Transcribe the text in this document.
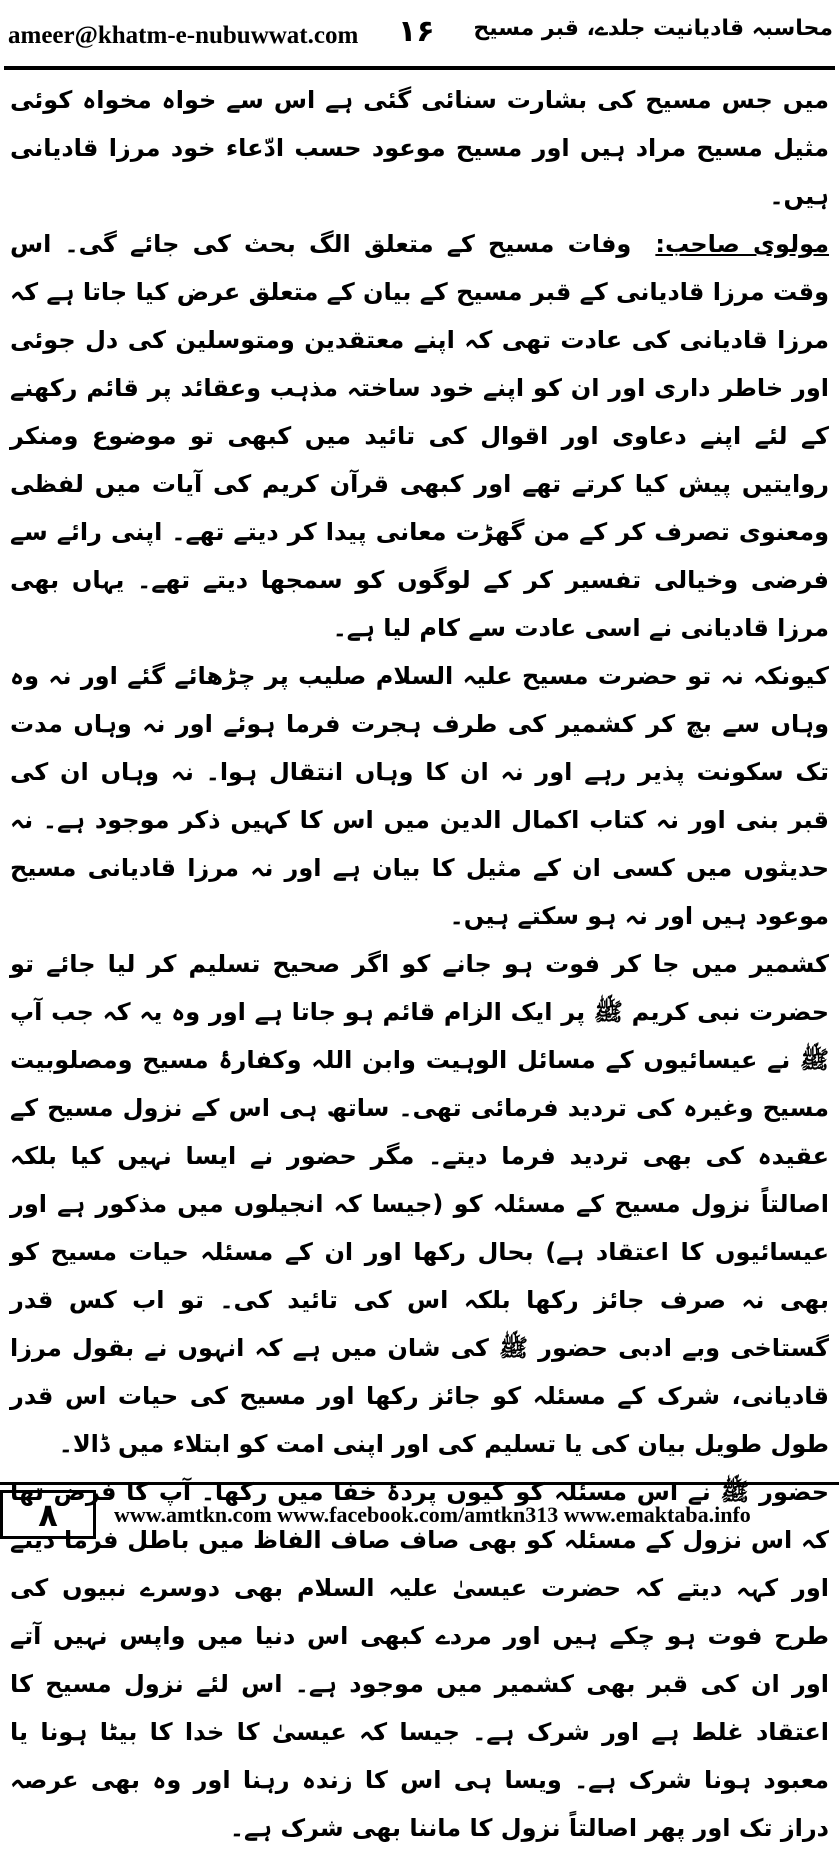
ameer@khatm-e-nubuwwat.com ۱۶ محاسبہ قادیانیت جلدے، قبر مسیح

میں جس مسیح کی بشارت سنائی گئی ہے اس سے خواہ مخواہ کوئی مثیل مسیح مراد ہیں اور مسیح موعود حسب ادّعاء خود مرزا قادیانی ہیں۔

مولوی صاحب:وفات مسیح کے متعلق الگ بحث کی جائے گی۔ اس وقت مرزا قادیانی کے قبر مسیح کے بیان کے متعلق عرض کیا جاتا ہے کہ مرزا قادیانی کی عادت تھی کہ اپنے معتقدین ومتوسلین کی دل جوئی اور خاطر داری اور ان کو اپنے خود ساختہ مذہب وعقائد پر قائم رکھنے کے لئے اپنے دعاوی اور اقوال کی تائید میں کبھی تو موضوع ومنکر روایتیں پیش کیا کرتے تھے اور کبھی قرآن کریم کی آیات میں لفظی ومعنوی تصرف کر کے من گھڑت معانی پیدا کر دیتے تھے۔ اپنی رائے سے فرضی وخیالی تفسیر کر کے لوگوں کو سمجھا دیتے تھے۔ یہاں بھی مرزا قادیانی نے اسی عادت سے کام لیا ہے۔

کیونکہ نہ تو حضرت مسیح علیہ السلام صلیب پر چڑھائے گئے اور نہ وہ وہاں سے بچ کر کشمیر کی طرف ہجرت فرما ہوئے اور نہ وہاں مدت تک سکونت پذیر رہے اور نہ ان کا وہاں انتقال ہوا۔ نہ وہاں ان کی قبر بنی اور نہ کتاب اکمال الدین میں اس کا کہیں ذکر موجود ہے۔ نہ حدیثوں میں کسی ان کے مثیل کا بیان ہے اور نہ مرزا قادیانی مسیح موعود ہیں اور نہ ہو سکتے ہیں۔

کشمیر میں جا کر فوت ہو جانے کو اگر صحیح تسلیم کر لیا جائے تو حضرت نبی کریم ﷺ پر ایک الزام قائم ہو جاتا ہے اور وہ یہ کہ جب آپ ﷺ نے عیسائیوں کے مسائل الوہیت وابن اللہ وکفارۂ مسیح ومصلوبیت مسیح وغیرہ کی تردید فرمائی تھی۔ ساتھ ہی اس کے نزول مسیح کے عقیدہ کی بھی تردید فرما دیتے۔ مگر حضور نے ایسا نہیں کیا بلکہ اصالتاً نزول مسیح کے مسئلہ کو (جیسا کہ انجیلوں میں مذکور ہے اور عیسائیوں کا اعتقاد ہے) بحال رکھا اور ان کے مسئلہ حیات مسیح کو بھی نہ صرف جائز رکھا بلکہ اس کی تائید کی۔ تو اب کس قدر گستاخی وبے ادبی حضور ﷺ کی شان میں ہے کہ انہوں نے بقول مرزا قادیانی، شرک کے مسئلہ کو جائز رکھا اور مسیح کی حیات اس قدر طول طویل بیان کی یا تسلیم کی اور اپنی امت کو ابتلاء میں ڈالا۔

حضور ﷺ نے اس مسئلہ کو کیوں پردۂ خفا میں رکھا۔ آپ کا فرض تھا کہ اس نزول کے مسئلہ کو بھی صاف صاف الفاظ میں باطل فرما دیتے اور کہہ دیتے کہ حضرت عیسیٰ علیہ السلام بھی دوسرے نبیوں کی طرح فوت ہو چکے ہیں اور مردے کبھی اس دنیا میں واپس نہیں آتے اور ان کی قبر بھی کشمیر میں موجود ہے۔ اس لئے نزول مسیح کا اعتقاد غلط ہے اور شرک ہے۔ جیسا کہ عیسیٰ کا خدا کا بیٹا ہونا یا معبود ہونا شرک ہے۔ ویسا ہی اس کا زندہ رہنا اور وہ بھی عرصہ دراز تک اور پھر اصالتاً نزول کا ماننا بھی شرک ہے۔

۸	www.amtkn.com www.facebook.com/amtkn313 www.emaktaba.info
